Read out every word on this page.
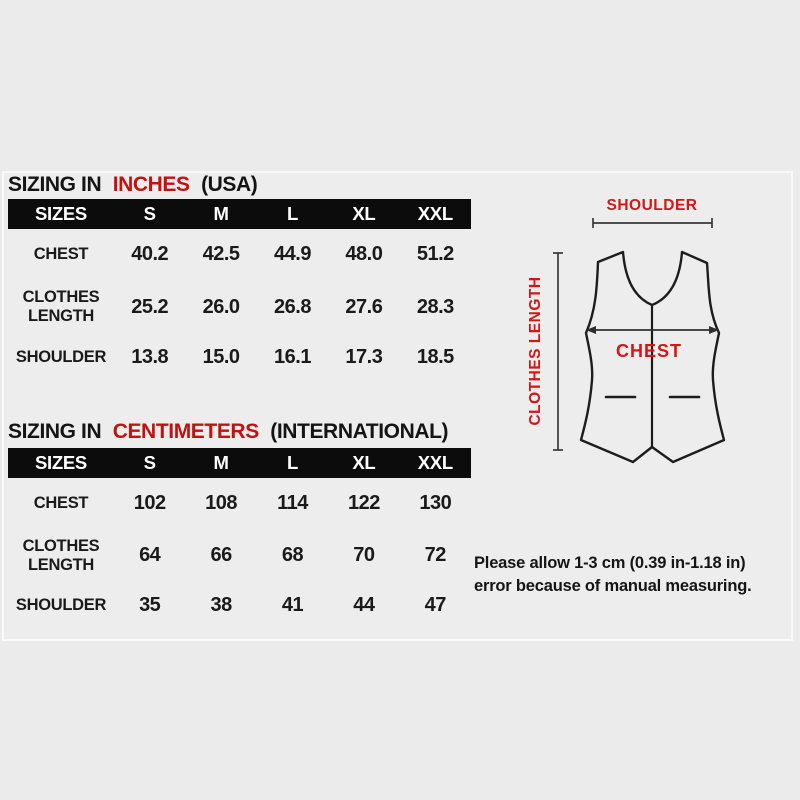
SIZING IN INCHES (USA)
SIZES	S	M	L	XL	XXL
CHEST	40.2	42.5	44.9	48.0	51.2
CLOTHES LENGTH	25.2	26.0	26.8	27.6	28.3
SHOULDER	13.8	15.0	16.1	17.3	18.5
SIZING IN CENTIMETERS (INTERNATIONAL)
SIZES	S	M	L	XL	XXL
CHEST	102	108	114	122	130
CLOTHES LENGTH	64	66	68	70	72
SHOULDER	35	38	41	44	47
SHOULDER
CLOTHES LENGTH	CHEST
Please allow 1-3 cm (0.39 in-1.18 in)
error because of manual measuring.
